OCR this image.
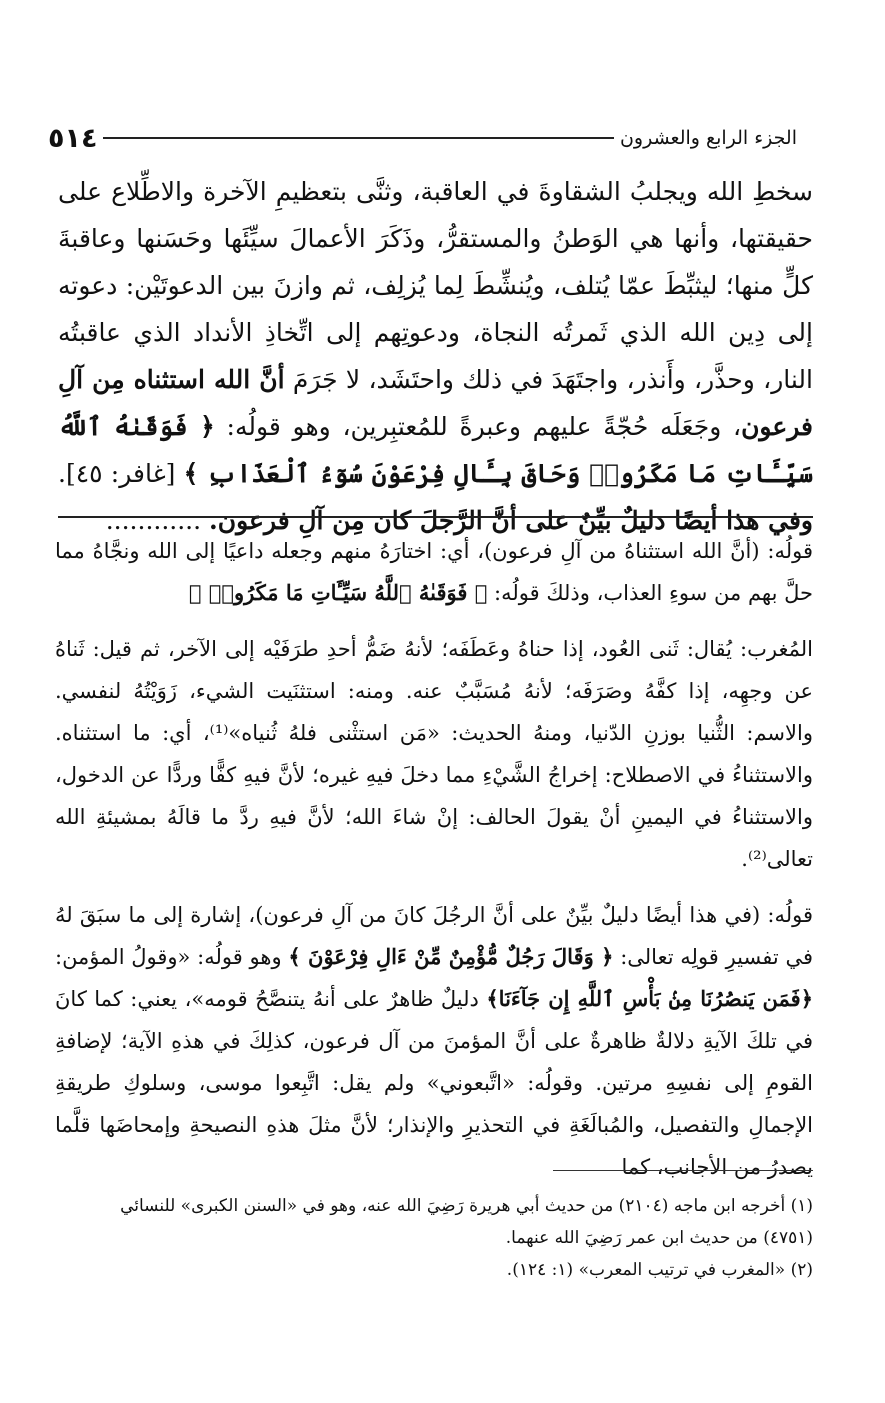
الجزء الرابع والعشرون
٥١٤

سخطِ الله ويجلبُ الشقاوةَ في العاقبة، وثنَّى بتعظيمِ الآخرة والاطِّلاع على حقيقتها، وأنها هي الوَطنُ والمستقرُّ، وذَكَرَ الأعمالَ سيِّئَها وحَسَنها وعاقبةَ كلٍّ منها؛ ليثبِّطَ عمّا يُتلف، ويُنشِّطَ لِما يُزلِف، ثم وازنَ بين الدعوتَيْن: دعوته إلى دِين الله الذي ثَمرتُه النجاة، ودعوتِهم إلى اتِّخاذِ الأنداد الذي عاقبتُه النار، وحذَّر، وأَنذر، واجتَهَدَ في ذلك واحتَشَد، لا جَرَمَ أنَّ الله استثناه مِن آلِ فرعون، وجَعَلَه حُجّةً عليهم وعبرةً للمُعتبِرين، وهو قولُه: ﴿ فَوَقَىٰهُ ٱللَّهُ سَيِّـَٔاتِ مَا مَكَرُوا۟ وَحَاقَ بِـَٔالِ فِرْعَوْنَ سُوٓءُ ٱلْعَذَابِ ﴾ [غافر: ٤٥]. وفي هذا أيضًا دليلٌ بيِّنٌ على أنَّ الرَّجلَ كان مِن آلِ فرعون. ............

قولُه: (أنَّ الله استثناهُ من آلِ فرعون)، أي: اختارَهُ منهم وجعله داعيًا إلى الله ونجَّاهُ مما حلَّ بهم من سوءِ العذاب، وذلكَ قولُه: ﴿ فَوَقَىٰهُ ٱللَّهُ سَيِّـَٔاتِ مَا مَكَرُوا۟ ﴾

المُغرب: يُقال: ثَنى العُود، إذا حناهُ وعَطَفَه؛ لأنهُ ضَمُّ أحدِ طرَفَيْه إلى الآخر، ثم قيل: ثَناهُ عن وجهِه، إذا كفَّهُ وصَرَفَه؛ لأنهُ مُسَبَّبٌ عنه. ومنه: استثنَيت الشيء، زَوَيْتُهُ لنفسي. والاسم: الثُّنيا بوزنِ الدّنيا، ومنهُ الحديث: «مَن استثْنى فلهُ ثُنياه»⁽¹⁾، أي: ما استثناه. والاستثناءُ في الاصطلاح: إخراجُ الشَّيْءِ مما دخلَ فيهِ غيره؛ لأنَّ فيهِ كفًّا وردًّا عن الدخول، والاستثناءُ في اليمينِ أنْ يقولَ الحالف: إنْ شاءَ الله؛ لأنَّ فيهِ ردَّ ما قالَهُ بمشيئةِ الله تعالى⁽²⁾.

قولُه: (في هذا أيضًا دليلٌ بيِّنٌ على أنَّ الرجُلَ كانَ من آلِ فرعون)، إشارة إلى ما سبَقَ لهُ في تفسيرِ قولِه تعالى: ﴿ وَقَالَ رَجُلٌ مُّؤْمِنٌ مِّنْ ءَالِ فِرْعَوْنَ ﴾ وهو قولُه: «وقولُ المؤمن: ﴿فَمَن يَنصُرُنَا مِنۢ بَأْسِ ٱللَّهِ إِن جَآءَنَا﴾ دليلٌ ظاهرٌ على أنهُ يتنصَّحُ قومه»، يعني: كما كانَ في تلكَ الآيةِ دلالةٌ ظاهرةٌ على أنَّ المؤمنَ من آل فرعون، كذلِكَ في هذهِ الآية؛ لإضافةِ القومِ إلى نفسِهِ مرتين. وقولُه: «اتَّبعوني» ولم يقل: اتَّبِعوا موسى، وسلوكِ طريقةِ الإجمالِ والتفصيل، والمُبالَغَةِ في التحذيرِ والإنذار؛ لأنَّ مثلَ هذهِ النصيحةِ وإمحاضَها قلَّما يصدرُ من الأجانب، كما

(١) أخرجه ابن ماجه (٢١٠٤) من حديث أبي هريرة رَضِيَ الله عنه، وهو في «السنن الكبرى» للنسائي

(٤٧٥١) من حديث ابن عمر رَضِيَ الله عنهما.

(٢) «المغرب في ترتيب المعرب» (١: ١٢٤).
